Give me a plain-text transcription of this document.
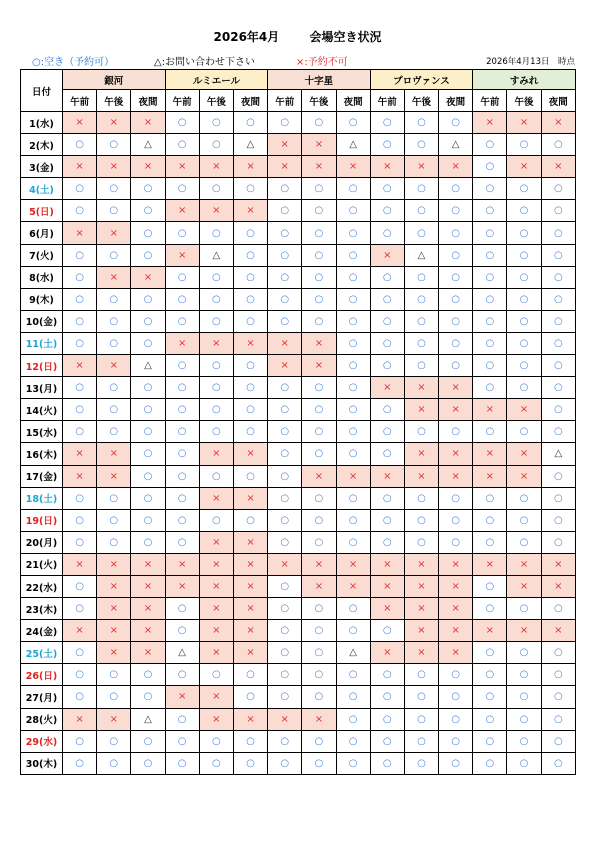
2026年4月	会場空き状況
○:空き（予約可）	△:お問い合わせ下さい	×:予約不可	2026年4月13日　時点
日付	銀河			ルミエール			十字星			プロヴァンス			すみれ		
	午前	午後	夜間	午前	午後	夜間	午前	午後	夜間	午前	午後	夜間	午前	午後	夜間
1(水)	×	×	×	○	○	○	○	○	○	○	○	○	×	×	×
2(木)	○	○	△	○	○	△	×	×	△	○	○	△	○	○	○
3(金)	×	×	×	×	×	×	×	×	×	×	×	×	○	×	×
4(土)	○	○	○	○	○	○	○	○	○	○	○	○	○	○	○
5(日)	○	○	○	×	×	×	○	○	○	○	○	○	○	○	○
6(月)	×	×	○	○	○	○	○	○	○	○	○	○	○	○	○
7(火)	○	○	○	×	△	○	○	○	○	×	△	○	○	○	○
8(水)	○	×	×	○	○	○	○	○	○	○	○	○	○	○	○
9(木)	○	○	○	○	○	○	○	○	○	○	○	○	○	○	○
10(金)	○	○	○	○	○	○	○	○	○	○	○	○	○	○	○
11(土)	○	○	○	×	×	×	×	×	○	○	○	○	○	○	○
12(日)	×	×	△	○	○	○	×	×	○	○	○	○	○	○	○
13(月)	○	○	○	○	○	○	○	○	○	×	×	×	○	○	○
14(火)	○	○	○	○	○	○	○	○	○	○	×	×	×	×	○
15(水)	○	○	○	○	○	○	○	○	○	○	○	○	○	○	○
16(木)	×	×	○	○	×	×	○	○	○	○	×	×	×	×	△
17(金)	×	×	○	○	○	○	○	×	×	×	×	×	×	×	○
18(土)	○	○	○	○	×	×	○	○	○	○	○	○	○	○	○
19(日)	○	○	○	○	○	○	○	○	○	○	○	○	○	○	○
20(月)	○	○	○	○	×	×	○	○	○	○	○	○	○	○	○
21(火)	×	×	×	×	×	×	×	×	×	×	×	×	×	×	×
22(水)	○	×	×	×	×	×	○	×	×	×	×	×	○	×	×
23(木)	○	×	×	○	×	×	○	○	○	×	×	×	○	○	○
24(金)	×	×	×	○	×	×	○	○	○	○	×	×	×	×	×
25(土)	○	×	×	△	×	×	○	○	△	×	×	×	○	○	○
26(日)	○	○	○	○	○	○	○	○	○	○	○	○	○	○	○
27(月)	○	○	○	×	×	○	○	○	○	○	○	○	○	○	○
28(火)	×	×	△	○	×	×	×	×	○	○	○	○	○	○	○
29(水)	○	○	○	○	○	○	○	○	○	○	○	○	○	○	○
30(木)	○	○	○	○	○	○	○	○	○	○	○	○	○	○	○
